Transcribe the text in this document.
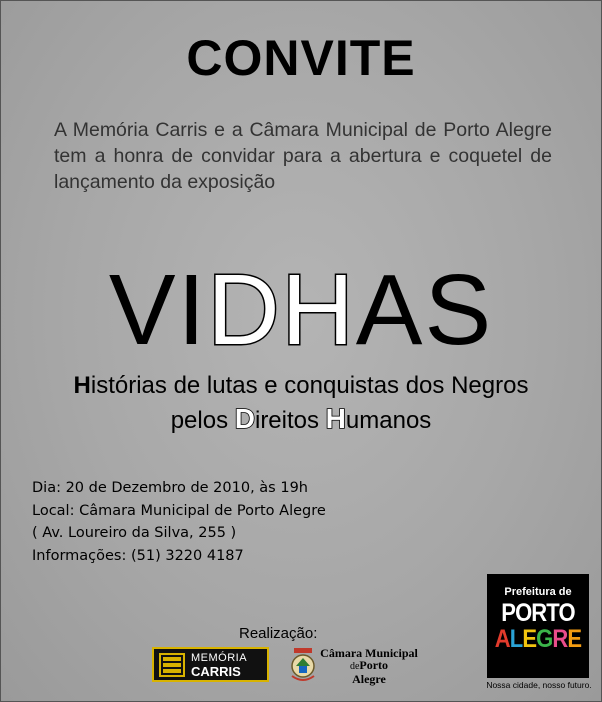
CONVITE
A Memória Carris e a Câmara Municipal de Porto Alegre tem a honra de convidar para a abertura e coquetel de lançamento da exposição
VIDHAS
Histórias de lutas e conquistas dos Negros
pelos Direitos Humanos
Dia: 20 de Dezembro de 2010, às 19h
Local: Câmara Municipal de Porto Alegre
( Av. Loureiro da Silva, 255 )
Informações: (51) 3220 4187
Realização:
MEMÓRIA
CARRIS
Câmara Municipal
dePorto
Alegre
Prefeitura de
PORTO
ALEGRE
Nossa cidade, nosso futuro.
